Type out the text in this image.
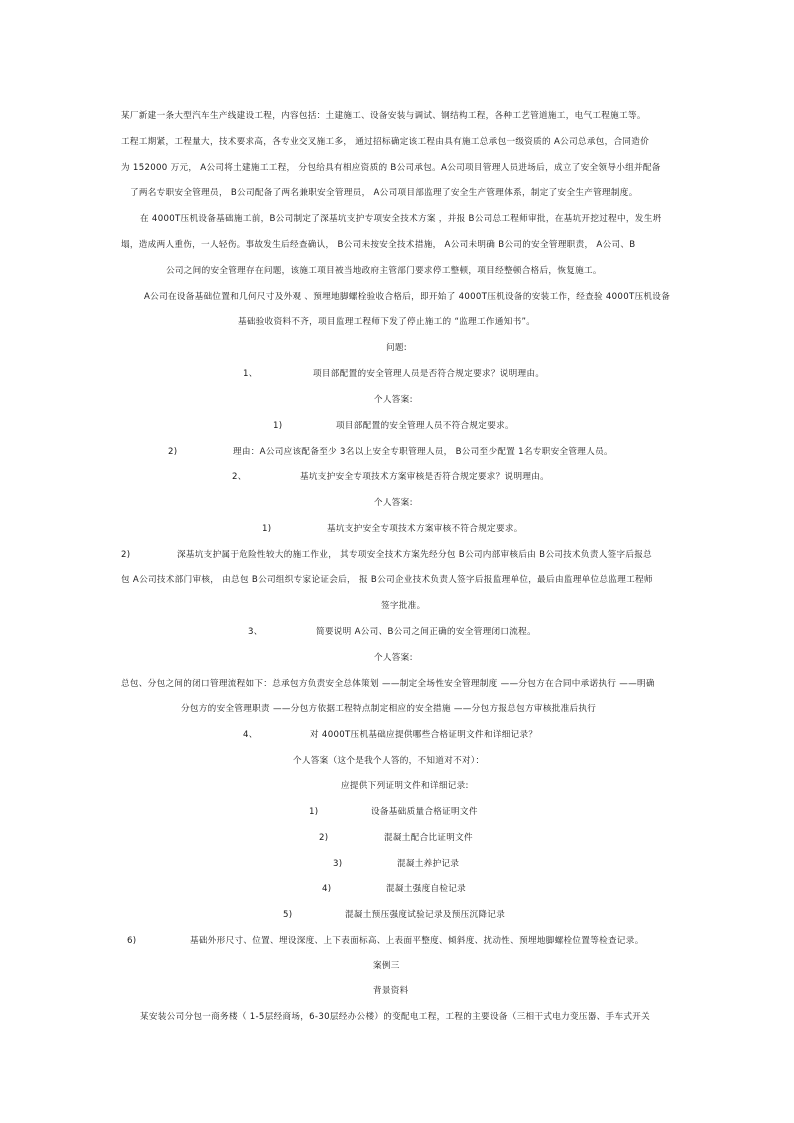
某厂新建一条大型汽车生产线建设工程，内容包括：土建施工、设备安装与调试、钢结构工程，各种工艺管道施工，电气工程施工等。
工程工期紧，工程量大，技术要求高，各专业交叉施工多， 通过招标确定该工程由具有施工总承包一级资质的 A公司总承包，合同造价
为 152000 万元， A公司将土建施工工程， 分包给具有相应资质的 B公司承包。A公司项目管理人员进场后，成立了安全领导小组并配备
了两名专职安全管理员， B公司配备了两名兼职安全管理员， A公司项目部监理了安全生产管理体系，制定了安全生产管理制度。
在 4000T压机设备基础施工前，B公司制定了深基坑支护专项安全技术方案 ，并报 B公司总工程师审批，在基坑开挖过程中，发生坍
塌，造成两人重伤，一人轻伤。事故发生后经查确认， B公司未按安全技术措施， A公司未明确 B公司的安全管理职责， A公司、B
公司之间的安全管理存在问题，该施工项目被当地政府主管部门要求停工整顿，项目经整顿合格后，恢复施工。
A公司在设备基础位置和几何尺寸及外观 、预埋地脚螺栓验收合格后，即开始了 4000T压机设备的安装工作，经查验 4000T压机设备
基础验收资料不齐，项目监理工程师下发了停止施工的 “监理工作通知书”。
问题:
1、	项目部配置的安全管理人员是否符合规定要求？说明理由。
个人答案:
1)	项目部配置的安全管理人员不符合规定要求。
2)	理由：A公司应该配备至少 3名以上安全专职管理人员， B公司至少配置 1名专职安全管理人员。
2、	基坑支护安全专项技术方案审核是否符合规定要求？说明理由。
个人答案:
1)	基坑支护安全专项技术方案审核不符合规定要求。
2)	深基坑支护属于危险性较大的施工作业， 其专项安全技术方案先经分包 B公司内部审核后由 B公司技术负责人签字后报总
包 A公司技术部门审核， 由总包 B公司组织专家论证会后， 报 B公司企业技术负责人签字后报监理单位，最后由监理单位总监理工程师
签字批准。
3、	简要说明 A公司、B公司之间正确的安全管理闭口流程。
个人答案:
总包、分包之间的闭口管理流程如下：总承包方负责安全总体策划 ——制定全场性安全管理制度 ——分包方在合同中承诺执行 ——明确
分包方的安全管理职责 ——分包方依据工程特点制定相应的安全措施 ——分包方报总包方审核批准后执行
4、	对 4000T压机基础应提供哪些合格证明文件和详细记录？
个人答案（这个是我个人答的，不知道对不对）：
应提供下列证明文件和详细记录:
1)	设备基础质量合格证明文件
2)	混凝土配合比证明文件
3)	混凝土养护记录
4)	混凝土强度自检记录
5)	混凝土预压强度试验记录及预压沉降记录
6)	基础外形尺寸、位置、埋设深度、上下表面标高、上表面平整度、倾斜度、扰动性、预埋地脚螺栓位置等检查记录。
案例三
背景资料
某安装公司分包一商务楼（ 1-5层经商场，6-30层经办公楼）的变配电工程，工程的主要设备（三相干式电力变压器、手车式开关
